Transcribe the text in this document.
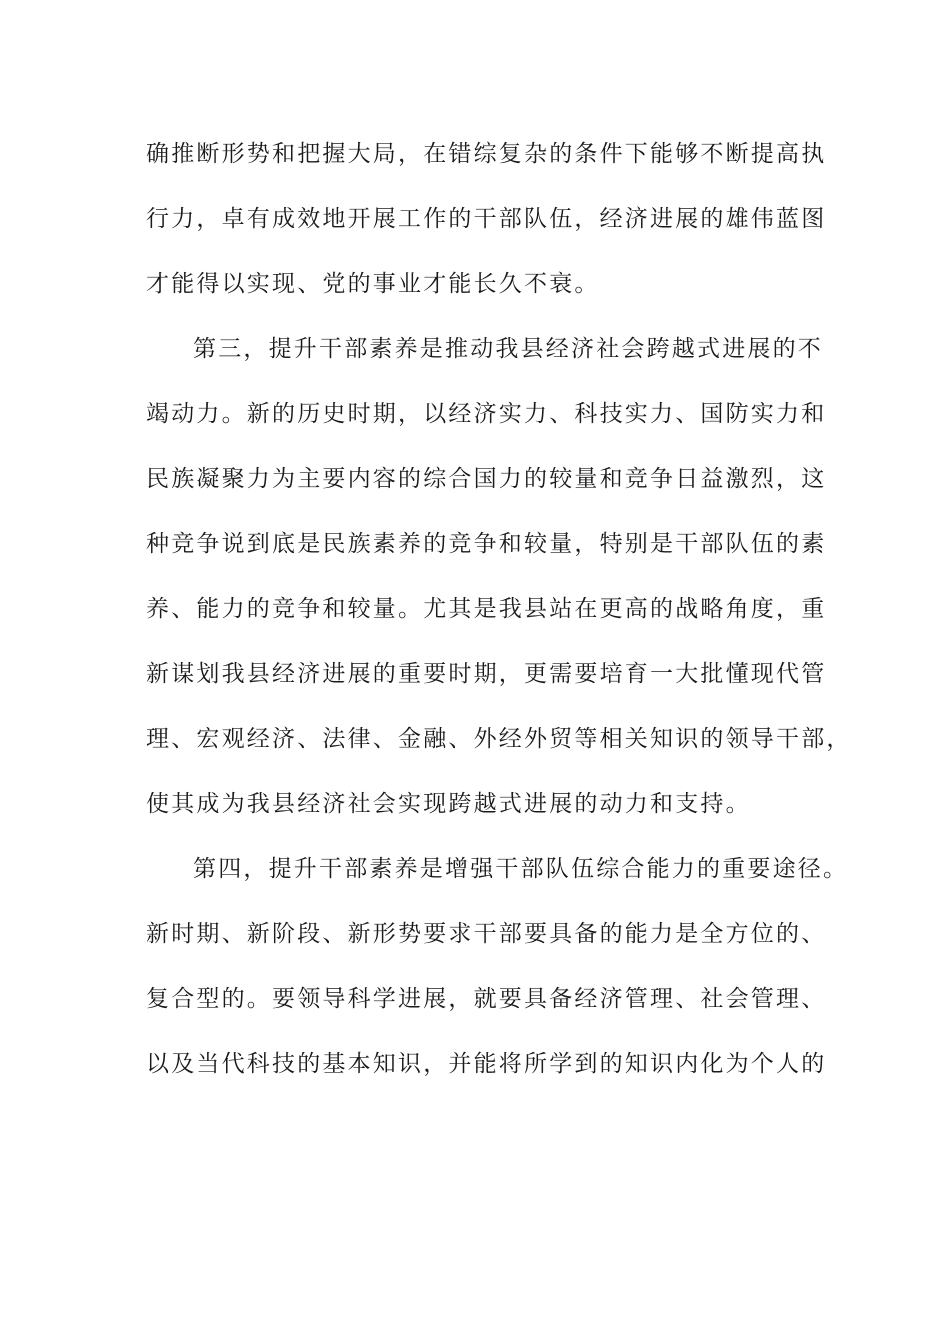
确推断形势和把握大局，在错综复杂的条件下能够不断提高执
行力，卓有成效地开展工作的干部队伍，经济进展的雄伟蓝图
才能得以实现、党的事业才能长久不衰。
第三，提升干部素养是推动我县经济社会跨越式进展的不
竭动力。新的历史时期，以经济实力、科技实力、国防实力和
民族凝聚力为主要内容的综合国力的较量和竞争日益激烈，这
种竞争说到底是民族素养的竞争和较量，特别是干部队伍的素
养、能力的竞争和较量。尤其是我县站在更高的战略角度，重
新谋划我县经济进展的重要时期，更需要培育一大批懂现代管
理、宏观经济、法律、金融、外经外贸等相关知识的领导干部，
使其成为我县经济社会实现跨越式进展的动力和支持。
第四，提升干部素养是增强干部队伍综合能力的重要途径。
新时期、新阶段、新形势要求干部要具备的能力是全方位的、
复合型的。要领导科学进展，就要具备经济管理、社会管理、
以及当代科技的基本知识，并能将所学到的知识内化为个人的
